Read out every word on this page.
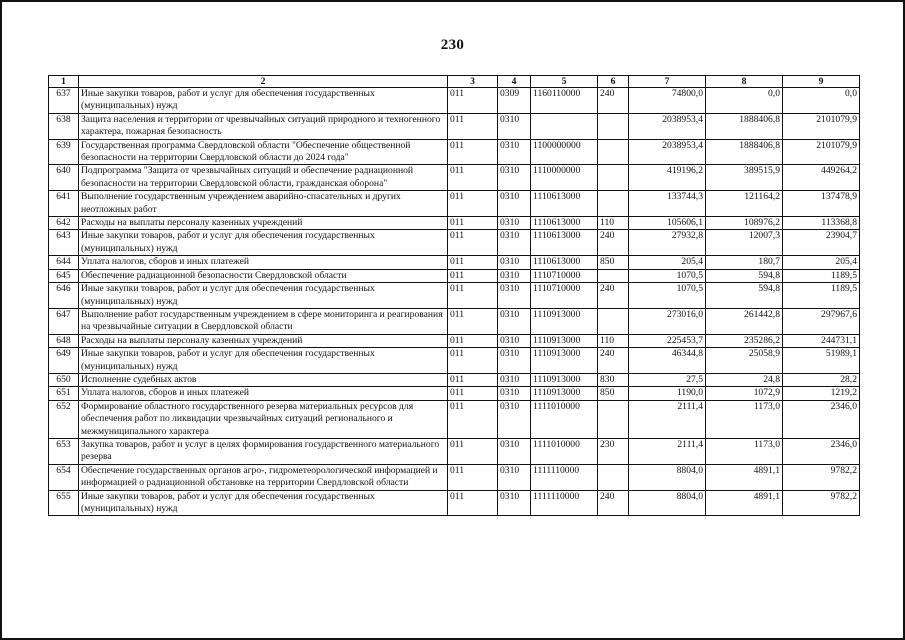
230
1	2	3	4	5	6	7	8	9
637	Иные закупки товаров, работ и услуг для обеспечения государственных (муниципальных) нужд	011	0309	1160110000	240	74800,0	0,0	0,0
638	Защита населения и территории от чрезвычайных ситуаций природного и техногенного характера, пожарная безопасность	011	0310			2038953,4	1888406,8	2101079,9
639	Государственная программа Свердловской области "Обеспечение общественной безопасности на территории Свердловской области до 2024 года"	011	0310	1100000000		2038953,4	1888406,8	2101079,9
640	Подпрограмма "Защита от чрезвычайных ситуаций и обеспечение радиационной безопасности на территории Свердловской области, гражданская оборона"	011	0310	1110000000		419196,2	389515,9	449264,2
641	Выполнение государственным учреждением аварийно-спасательных и других неотложных работ	011	0310	1110613000		133744,3	121164,2	137478,9
642	Расходы на выплаты персоналу казенных учреждений	011	0310	1110613000	110	105606,1	108976,2	113368,8
643	Иные закупки товаров, работ и услуг для обеспечения государственных (муниципальных) нужд	011	0310	1110613000	240	27932,8	12007,3	23904,7
644	Уплата налогов, сборов и иных платежей	011	0310	1110613000	850	205,4	180,7	205,4
645	Обеспечение радиационной безопасности Свердловской области	011	0310	1110710000		1070,5	594,8	1189,5
646	Иные закупки товаров, работ и услуг для обеспечения государственных (муниципальных) нужд	011	0310	1110710000	240	1070,5	594,8	1189,5
647	Выполнение работ государственным учреждением в сфере мониторинга и реагирования на чрезвычайные ситуации в Свердловской области	011	0310	1110913000		273016,0	261442,8	297967,6
648	Расходы на выплаты персоналу казенных учреждений	011	0310	1110913000	110	225453,7	235286,2	244731,1
649	Иные закупки товаров, работ и услуг для обеспечения государственных (муниципальных) нужд	011	0310	1110913000	240	46344,8	25058,9	51989,1
650	Исполнение судебных актов	011	0310	1110913000	830	27,5	24,8	28,2
651	Уплата налогов, сборов и иных платежей	011	0310	1110913000	850	1190,0	1072,9	1219,2
652	Формирование областного государственного резерва материальных ресурсов для обеспечения работ по ликвидации чрезвычайных ситуаций регионального и межмуниципального характера	011	0310	1111010000		2111,4	1173,0	2346,0
653	Закупка товаров, работ и услуг в целях формирования государственного материального резерва	011	0310	1111010000	230	2111,4	1173,0	2346,0
654	Обеспечение государственных органов агро-, гидрометеорологической информацией и информацией о радиационной обстановке на территории Свердловской области	011	0310	1111110000		8804,0	4891,1	9782,2
655	Иные закупки товаров, работ и услуг для обеспечения государственных (муниципальных) нужд	011	0310	1111110000	240	8804,0	4891,1	9782,2
